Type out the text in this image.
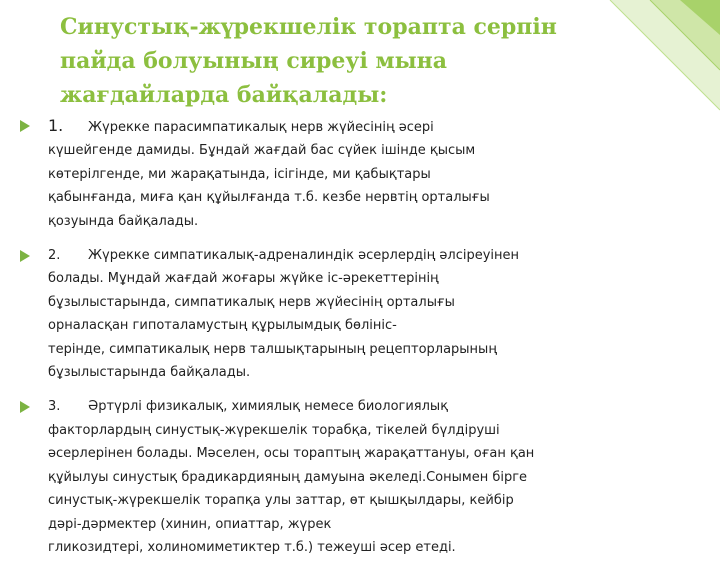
Синустық-жүрекшелік торапта серпін
пайда болуының сиреуі мына
жағдайларда байқалады:
1. Жүрекке парасимпатикалық нерв жүйесінің әсері
күшейгенде дамиды. Бұндай жағдай бас сүйек ішінде қысым
көтерілгенде, ми жарақатында, ісігінде, ми қабықтары
қабынғанда, миға қан құйылғанда т.б. кезбе нервтің орталығы
қозуында байқалады.
2. Жүрекке симпатикалық-адреналиндік әсерлердің әлсіреуінен
болады. Мұндай жағдай жоғары жүйке іс-әрекеттерінің
бұзылыстарында, симпатикалық нерв жүйесінің орталығы
орналасқан гипоталамустың құрылымдық бөлініс-
терінде, симпатикалық нерв талшықтарының рецепторларының
бұзылыстарында байқалады.
3. Әртүрлі физикалық, химиялық немесе биологиялық
факторлардың синустық-жүрекшелік торабқа, тікелей бүлдіруші
әсерлерінен болады. Мәселен, осы торaптың жарақаттануы, оған қан
құйылуы синустық брадикардияның дамуына әкеледі.Сонымен бірге
синустық-жүрекшелік торапқа улы заттар, өт қышқылдары, кейбір
дәрі-дәрмектер (хинин, опиаттар, жүрек
гликозидтері, холиномиметиктер т.б.) тежеуші әсер етеді.
